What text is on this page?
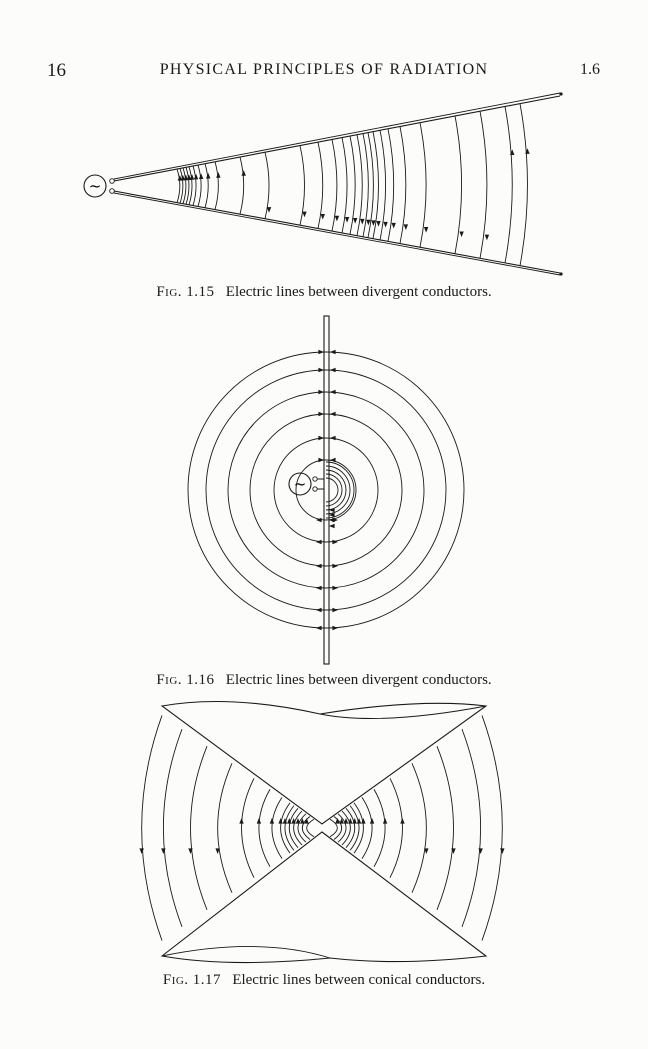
16	PHYSICAL PRINCIPLES OF RADIATION	1.6
~
Fig. 1.15 Electric lines between divergent conductors.
~
Fig. 1.16 Electric lines between divergent conductors.
Fig. 1.17 Electric lines between conical conductors.
